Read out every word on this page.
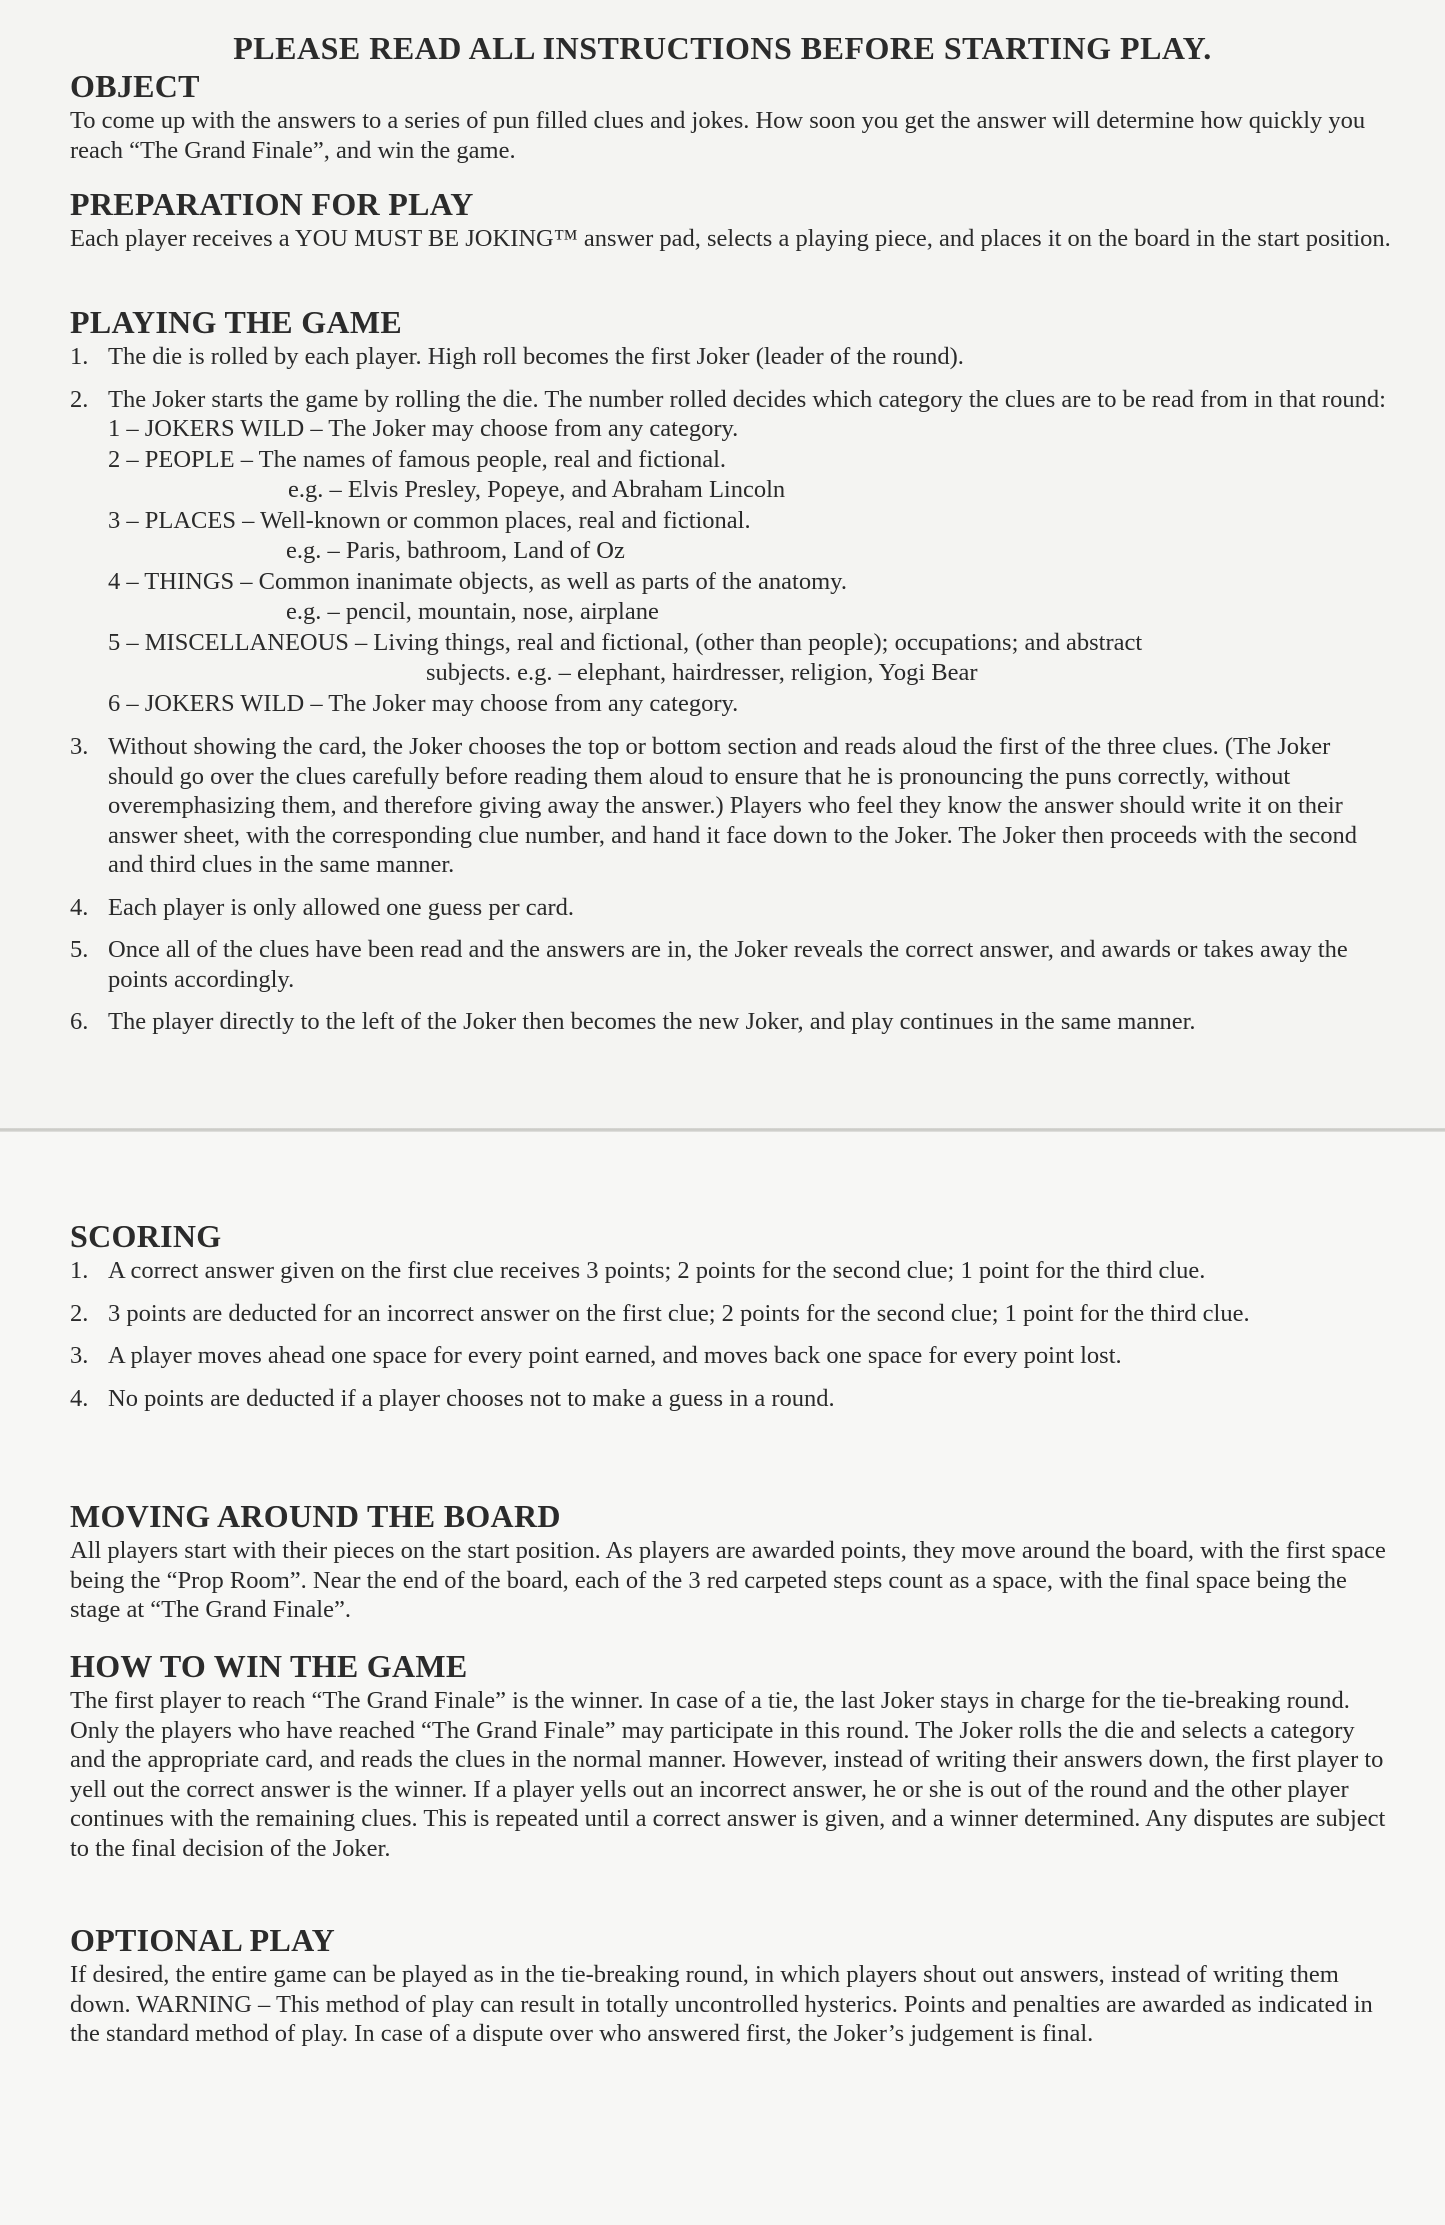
PLEASE READ ALL INSTRUCTIONS BEFORE STARTING PLAY.
OBJECT
To come up with the answers to a series of pun filled clues and jokes. How soon you get the answer will determine how quickly you reach “The Grand Finale”, and win the game.
PREPARATION FOR PLAY
Each player receives a YOU MUST BE JOKING™ answer pad, selects a playing piece, and places it on the board in the start position.
PLAYING THE GAME
1. The die is rolled by each player. High roll becomes the first Joker (leader of the round).
2. The Joker starts the game by rolling the die. The number rolled decides which category the clues are to be read from in that round:
1 – JOKERS WILD – The Joker may choose from any category.
2 – PEOPLE – The names of famous people, real and fictional.
e.g. – Elvis Presley, Popeye, and Abraham Lincoln
3 – PLACES – Well-known or common places, real and fictional.
e.g. – Paris, bathroom, Land of Oz
4 – THINGS – Common inanimate objects, as well as parts of the anatomy.
e.g. – pencil, mountain, nose, airplane
5 – MISCELLANEOUS – Living things, real and fictional, (other than people); occupations; and abstract
subjects. e.g. – elephant, hairdresser, religion, Yogi Bear
6 – JOKERS WILD – The Joker may choose from any category.
3. Without showing the card, the Joker chooses the top or bottom section and reads aloud the first of the three clues. (The Joker should go over the clues carefully before reading them aloud to ensure that he is pronouncing the puns correctly, without overemphasizing them, and therefore giving away the answer.) Players who feel they know the answer should write it on their answer sheet, with the corresponding clue number, and hand it face down to the Joker. The Joker then proceeds with the second and third clues in the same manner.
4. Each player is only allowed one guess per card.
5. Once all of the clues have been read and the answers are in, the Joker reveals the correct answer, and awards or takes away the points accordingly.
6. The player directly to the left of the Joker then becomes the new Joker, and play continues in the same manner.
SCORING
1. A correct answer given on the first clue receives 3 points; 2 points for the second clue; 1 point for the third clue.
2. 3 points are deducted for an incorrect answer on the first clue; 2 points for the second clue; 1 point for the third clue.
3. A player moves ahead one space for every point earned, and moves back one space for every point lost.
4. No points are deducted if a player chooses not to make a guess in a round.
MOVING AROUND THE BOARD
All players start with their pieces on the start position. As players are awarded points, they move around the board, with the first space being the “Prop Room”. Near the end of the board, each of the 3 red carpeted steps count as a space, with the final space being the stage at “The Grand Finale”.
HOW TO WIN THE GAME
The first player to reach “The Grand Finale” is the winner. In case of a tie, the last Joker stays in charge for the tie-breaking round. Only the players who have reached “The Grand Finale” may participate in this round. The Joker rolls the die and selects a category and the appropriate card, and reads the clues in the normal manner. However, instead of writing their answers down, the first player to yell out the correct answer is the winner. If a player yells out an incorrect answer, he or she is out of the round and the other player continues with the remaining clues. This is repeated until a correct answer is given, and a winner determined. Any disputes are subject to the final decision of the Joker.
OPTIONAL PLAY
If desired, the entire game can be played as in the tie-breaking round, in which players shout out answers, instead of writing them down. WARNING – This method of play can result in totally uncontrolled hysterics. Points and penalties are awarded as indicated in the standard method of play. In case of a dispute over who answered first, the Joker’s judgement is final.
